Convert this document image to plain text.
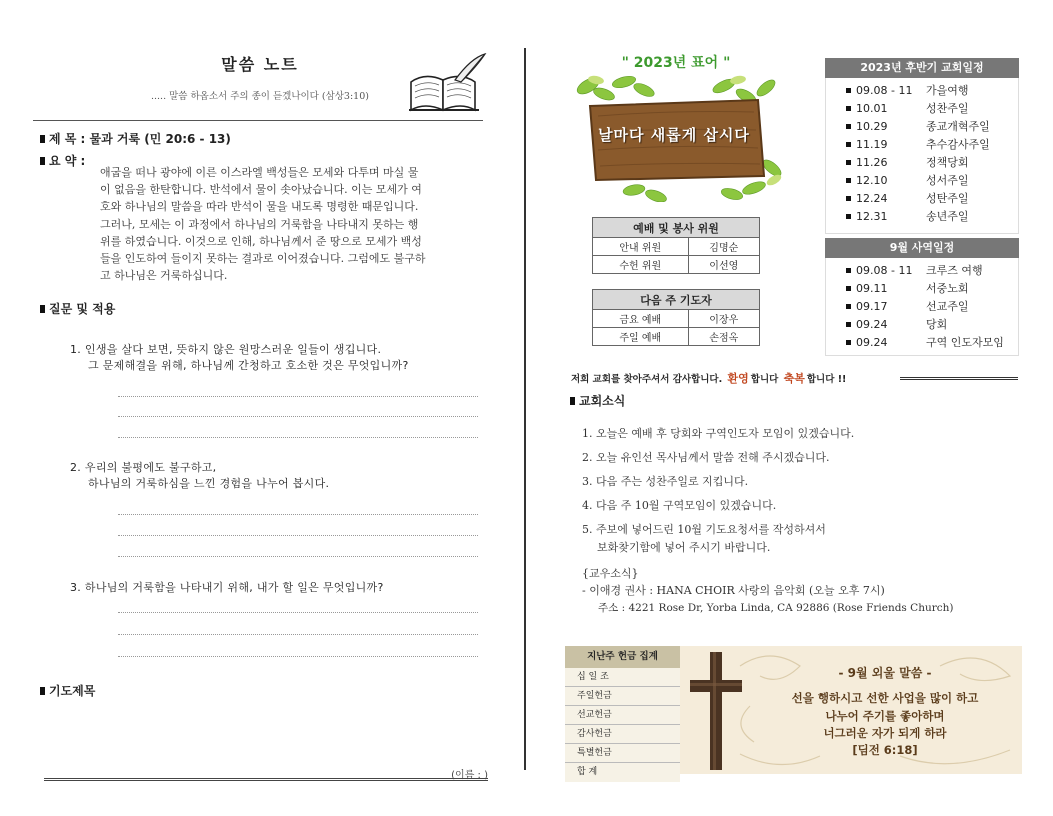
말씀 노트
..... 말씀 하옵소서 주의 종이 듣겠나이다 (삼상3:10)
제 목 : 물과 거룩 (민 20:6 - 13)
요 약 :
애굽을 떠나 광야에 이른 이스라엘 백성들은 모세와 다투며 마실 물
이 없음을 한탄합니다. 반석에서 물이 솟아났습니다. 이는 모세가 여
호와 하나님의 말씀을 따라 반석이 물을 내도록 명령한 때문입니다.
그러나, 모세는 이 과정에서 하나님의 거룩함을 나타내지 못하는 행
위를 하였습니다. 이것으로 인해, 하나님께서 준 땅으로 모세가 백성
들을 인도하여 들이지 못하는 결과로 이어졌습니다. 그럼에도 불구하
고 하나님은 거룩하십니다.
질문 및 적용
1. 인생을 살다 보면, 뜻하지 않은 원망스러운 일들이 생깁니다.
그 문제해결을 위해, 하나님께 간청하고 호소한 것은 무엇입니까?
2. 우리의 불평에도 불구하고,
하나님의 거룩하심을 느낀 경험을 나누어 봅시다.
3. 하나님의 거룩함을 나타내기 위해, 내가 할 일은 무엇입니까?
기도제목
(이름 : )
" 2023년 표어 "
날마다 새롭게 삽시다
예배 및 봉사 위원	
안내 위원	김명순
수헌 위원	이선영
다음 주 기도자	
금요 예배	이장우
주일 예배	손점옥
2023년 후반기 교회일정
09.08 - 11 가을여행
10.01	성찬주일
10.29	종교개혁주일
11.19	추수감사주일
11.26	정책당회
12.10	성서주일
12.24	성탄주일
12.31	송년주일
9월 사역일정
09.08 - 11 크루즈 여행
09.11	서중노회
09.17	선교주일
09.24	당회
09.24	구역 인도자모임
저희 교회를 찾아주셔서 감사합니다. 환영 합니다 축복 합니다 !!
교회소식
1. 오늘은 예배 후 당회와 구역인도자 모임이 있겠습니다.
2. 오늘 유인선 목사님께서 말씀 전해 주시겠습니다.
3. 다음 주는 성찬주일로 지킵니다.
4. 다음 주 10월 구역모임이 있겠습니다.
5. 주보에 넣어드린 10월 기도요청서를 작성하셔서
보화찾기함에 넣어 주시기 바랍니다.
{교우소식}
- 이애경 권사 : HANA CHOIR 사랑의 음악회 (오늘 오후 7시)
주소 : 4221 Rose Dr, Yorba Linda, CA 92886 (Rose Friends Church)
지난주 헌금 집계
십 일 조
주일헌금
선교헌금
감사헌금
특별헌금
합 계
- 9월 외울 말씀 -
선을 행하시고 선한 사업을 많이 하고
나누어 주기를 좋아하며
너그러운 자가 되게 하라
[딤전 6:18]
